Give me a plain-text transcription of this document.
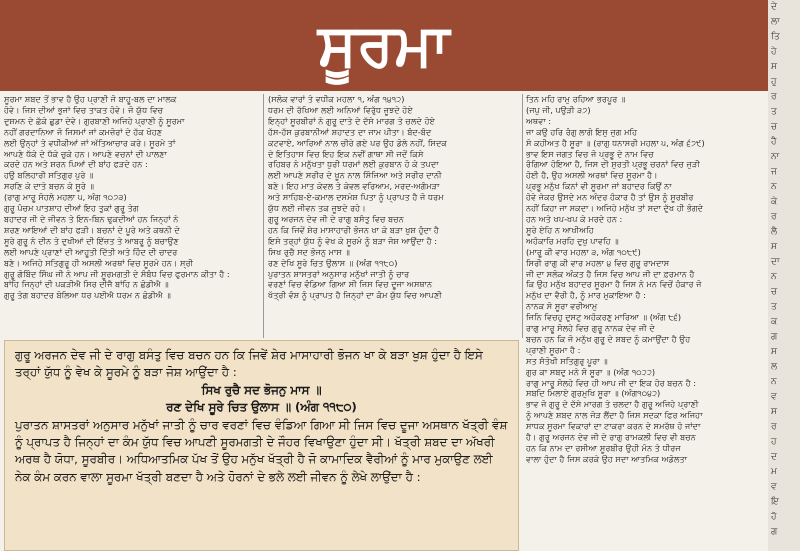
ਸੂਰਮਾ

ਸੂਰਮਾ ਸ਼ਬਦ ਤੋਂ ਭਾਵ ਹੈ ਉਹ ਪ੍ਰਾਣੀ ਜੋ ਬਾਹੂ-ਬਲ ਦਾ ਮਾਲਕ

ਹੋਵੇ। ਜਿਸ ਦੀਆਂ ਭੁਜਾਂ ਵਿਚ ਤਾਕਤ ਹੋਵੇ। ਜੋ ਯੁੱਧ ਵਿਚ

ਦੁਸ਼ਮਨ ਦੇ ਛੱਕੇ ਛੁਡਾ ਦੇਵੇ। ਗੁਰਬਾਣੀ ਅਜਿਹੇ ਪ੍ਰਾਣੀ ਨੂੰ ਸੂਰਮਾ

ਨਹੀਂ ਗਰਦਾਨਿਆ ਜੋ ਜਿਸਮਾਂ ਜਾਂ ਕਮਜ਼ੋਰਾਂ ਦੇ ਹੱਕ ਖੋਹਣ

ਲਈ ਉਨ੍ਹਾਂ ਤੇ ਵਧੀਕੀਆਂ ਜਾਂ ਅੱਤਿਆਚਾਰ ਕਰੇ। ਸੂਰਮੇ ਤਾਂ

ਆਪਣੇ ਧੱਕੇ ਦੇ ਧੱਕੇ ਚੁਕੇ ਹਨ। ਆਪਣੇ ਵਚਨਾਂ ਦੀ ਪਾਲਣਾ

ਕਰਦੇ ਹਨ ਅਤੇ ਸ਼ਰਨ ਪਿਆਂ ਦੀ ਬਾਂਹ ਫੜਦੇ ਹਨ :

ਹਉ ਬਲਿਹਾਰੀ ਸਤਿਗੁਰ ਪੁਰੇ ॥

ਸਰਣਿ ਕੇ ਦਾਤੇ ਬਚਨ ਕੇ ਸੂਰੇ ॥

(ਰਾਗੁ ਮਾਰੂ ਸੋਹਲੇ ਮਹਲਾ ੫, ਅੰਗ ੧੦੭੩)

ਗੁਰੂ ਪੰਚਮ ਪਾਤਸ਼ਾਹ ਦੀਆਂ ਇਹ ਤੁਕਾਂ ਗੁਰੂ ਤੇਗ

ਬਹਾਦਰ ਜੀ ਦੇ ਜੀਵਨ ਤੇ ਇਨ-ਬਿਨ ਢੁਕਦੀਆਂ ਹਨ ਜਿਨ੍ਹਾਂ ਨੇ

ਸ਼ਰਣ ਆਇਆਂ ਦੀ ਬਾਂਹ ਫੜੀ। ਬਚਨਾਂ ਦੇ ਪੂਰੇ ਅਤੇ ਕਥਨੀ ਦੇ

ਸੂਰੇ ਗੁਰੂ ਨੇ ਦੀਨ ਤੇ ਦੁਖੀਆਂ ਦੀ ਇੱਜ਼ਤ ਤੇ ਆਬਰੂ ਨੂੰ ਬਚਾਉਣ

ਲਈ ਆਪਣੇ ਪ੍ਰਾਣਾਂ ਦੀ ਆਹੂਤੀ ਦਿੱਤੀ ਅਤੇ ਹਿੰਦ ਦੀ ਚਾਦਰ

ਬਣੇ। ਅਜਿਹੇ ਸਤਿਗੁਰੂ ਹੀ ਅਸਲੀ ਅਰਥਾਂ ਵਿਚ ਸੂਰਮੇ ਹਨ। ਸ੍ਰੀ

ਗੁਰੂ ਗੋਬਿੰਦ ਸਿੰਘ ਜੀ ਨੇ ਆਪ ਜੀ ਸੂਰਮਗਤੀ ਦੇ ਸੰਬੰਧ ਵਿਚ ਫੁਰਮਾਨ ਕੀਤਾ ਹੈ :

ਬਾਂਹਿ ਜਿਨ੍ਹਾਂ ਦੀ ਪਕੜੀਐ ਸਿਰ ਦੀਜੈ ਬਾਂਹਿ ਨ ਛੋਡੀਐ ॥

ਗੁਰੂ ਤੇਗ ਬਹਾਦਰ ਬੋਲਿਆ ਧਰ ਪਈਐ ਧਰਮ ਨ ਛੋਡੀਐ ॥

(ਸਲੋਕ ਵਾਰਾਂ ਤੇ ਵਧੀਕ ਮਹਲਾ ੧, ਅੰਗ ੧੪੧੨)

ਧਰਮ ਦੀ ਰੱਖਿਆ ਲਈ ਅਨਿਆਂ ਵਿਰੁੱਧ ਜੂਝਦੇ ਹੋਏ

ਇਨ੍ਹਾਂ ਸੂਰਬੀਰਾਂ ਨੇ ਗੁਰੂ ਦਾਤੇ ਦੇ ਦੱਸੇ ਮਾਰਗ ਤੇ ਚਲਦੇ ਹੋਏ

ਹੱਸ-ਹੱਸ ਕੁਰਬਾਨੀਆਂ ਸ਼ਹਾਦਤ ਦਾ ਜਾਮ ਪੀਤਾ। ਬੰਦ-ਬੰਦ

ਕਟਵਾਏ, ਆਰਿਆਂ ਨਾਲ ਚੀਰੇ ਗਏ ਪਰ ਉਹ ਡੋਲੇ ਨਹੀਂ, ਸਿਦਕ

ਦੇ ਇਤਿਹਾਸ ਵਿਚ ਇਹ ਇਕ ਨਵੀਂ ਗਾਥਾ ਸੀ ਜਦੋਂ ਕਿਸੇ

ਰਹਿਬਰ ਨੇ ਮਨੁੱਖਤਾ ਧੁਰੀ ਧਰਮਾਂ ਲਈ ਕੁਰਬਾਨ ਹੋ ਕੇ ਤਪਦਾ

ਲਈ ਆਪਣੇ ਸਰੀਰ ਦੇ ਖੂਨ ਨਾਲ ਸਿੰਜਿਆ ਅਤੇ ਸਰੀਰ ਦਾਨੀ

ਬਣੇ। ਇਹ ਮਾਤ ਕੇਵਲ ਤੇ ਕੇਵਲ ਵਰਿਆਮ, ਮਰਦ-ਅਗੰਮੜਾ

ਅਤੇ ਸਾਹਿਬ-ਏ-ਕਮਾਲ ਦਸਮੇਸ਼ ਪਿਤਾ ਨੂੰ ਪ੍ਰਾਪਤ ਹੈ ਜੋ ਧਰਮ

ਯੁੱਧ ਲਈ ਜੀਵਨ ਤਕ ਜੂਝਦੇ ਰਹੇ।

ਗੁਰੂ ਅਰਜਨ ਦੇਵ ਜੀ ਦੇ ਰਾਗੁ ਬਸੰਤੁ ਵਿਚ ਬਚਨ

ਹਨ ਕਿ ਜਿਵੇਂ ਸ਼ੇਰ ਮਾਸਾਹਾਰੀ ਭੋਜਨ ਖਾ ਕੇ ਬੜਾ ਖੁਸ਼ ਹੁੰਦਾ ਹੈ

ਇਸੇ ਤਰ੍ਹਾਂ ਯੁੱਧ ਨੂੰ ਵੇਖ ਕੇ ਸੂਰਮੇ ਨੂੰ ਬੜਾ ਜੋਸ਼ ਆਉਂਦਾ ਹੈ :

ਸਿਖ ਰੁਚੈ ਸਦ ਭੋਜਨੁ ਮਾਸ ॥

ਰਣ ਦੇਖਿ ਸੂਰੇ ਚਿਤ ਉਲਾਸ ॥ (ਅੰਗ ੧੧੮੦)

ਪੁਰਾਤਨ ਸ਼ਾਸਤਰਾਂ ਅਨੁਸਾਰ ਮਨੁੱਖਾਂ ਜਾਤੀ ਨੂੰ ਚਾਰ

ਵਰਣਾਂ ਵਿਚ ਵੰਡਿਆ ਗਿਆ ਸੀ ਜਿਸ ਵਿਚ ਦੂਜਾ ਅਸਥਾਨ

ਖੱਤ੍ਰੀ ਵੰਸ਼ ਨੂੰ ਪ੍ਰਾਪਤ ਹੈ ਜਿਨ੍ਹਾਂ ਦਾ ਕੰਮ ਯੁੱਧ ਵਿਚ ਆਪਣੀ

ਤਿਨ ਮਹਿ ਰਾਮੁ ਰਹਿਆ ਭਰਪੂਰ ॥

(ਜਪੁ ਜੀ, ਪਉੜੀ ੩੭)

ਅਥਵਾ :

ਜਾ ਕਉ ਹਰਿ ਰੰਗੁ ਲਾਗੋ ਇਸੁ ਜੁਗ ਮਹਿ

ਸੋ ਕਹੀਅਤ ਹੈ ਸੂਰਾ ॥ (ਰਾਗੁ ਧਨਾਸਰੀ ਮਹਲਾ ੫, ਅੰਗ ੬੭੯)

ਭਾਵ ਇਸ ਜਗਤ ਵਿਚ ਜੋ ਪ੍ਰਭੂ ਦੇ ਨਾਮ ਵਿਚ

ਰੰਗਿਆ ਹੋਇਆ ਹੈ, ਜਿਸ ਦੀ ਸੁਰਤੀ ਪ੍ਰਭੂ ਚਰਨਾਂ ਵਿਚ ਜੁੜੀ

ਹੋਈ ਹੈ, ਉਹ ਅਸਲੀ ਅਰਥਾਂ ਵਿਚ ਸੂਰਮਾ ਹੈ।

ਪ੍ਰਭੂ ਮਨੁੱਖ ਕਿਨਾਂ ਵੀ ਸੂਰਮਾ ਜਾਂ ਬਹਾਦਰ ਕਿਉਂ ਨਾ

ਹੋਵੇ ਜੇਕਰ ਉਸਦੇ ਮਨ ਅੰਦਰ ਹੰਕਾਰ ਹੈ ਤਾਂ ਉਸ ਨੂੰ ਸੂਰਬੀਰ

ਨਹੀਂ ਕਿਹਾ ਜਾ ਸਕਦਾ। ਅਜਿਹੇ ਮਨੁੱਖ ਤਾਂ ਸਦਾ ਦੁੱਖ ਹੀ ਭੋਗਦੇ

ਹਨ ਅਤੇ ਖਪ-ਖਪ ਕੇ ਮਰਦੇ ਹਨ :

ਸੂਰੇ ਏਹਿ ਨ ਆਖੀਅਹਿ

ਅਹੰਕਾਰਿ ਮਰਹਿ ਦੁਖੁ ਪਾਵਹਿ ॥

(ਮਾਰੂ ਕੀ ਵਾਰ ਮਹਲਾ ੩, ਅੰਗ ੧੦੮੯)

ਸਿਰੀ ਰਾਗੁ ਕੀ ਵਾਰ ਮਹਲਾ ੪ ਵਿਚ ਗੁਰੂ ਰਾਮਦਾਸ

ਜੀ ਦਾ ਸਲੋਕ ਅੰਕਤ ਹੈ ਜਿਸ ਵਿਚ ਆਪ ਜੀ ਦਾ ਫ਼ਰਮਾਨ ਹੈ

ਕਿ ਉਹ ਮਨੁੱਖ ਬਹਾਦਰ ਸੂਰਮਾ ਹੈ ਜਿਸ ਨੇ ਮਨ ਵਿਚੋਂ ਹੰਕਾਰ ਜੋ

ਮਨੁੱਖ ਦਾ ਵੈਰੀ ਹੈ, ਨੂੰ ਮਾਰ ਮੁਕਾਇਆ ਹੈ :

ਨਾਨਕ ਸੋ ਸੂਰਾ ਵਰੀਆਮੁ

ਜਿਨਿ ਵਿਚਹੁ ਦੁਸਟੁ ਅਹੰਕਰਣੁ ਮਾਰਿਆ ॥ (ਅੰਗ ੮੬)

ਰਾਗੁ ਮਾਰੂ ਸੋਲਹੇ ਵਿਚ ਗੁਰੂ ਨਾਨਕ ਦੇਵ ਜੀ ਦੇ

ਬਚਨ ਹਨ ਕਿ ਜੋ ਮਨੁੱਖ ਗੁਰੂ ਦੇ ਸ਼ਬਦ ਨੂੰ ਕਮਾਉਂਦਾ ਹੈ ਉਹ

ਪ੍ਰਾਣੀ ਸੂਰਮਾ ਹੈ :

ਸਤ ਸੰਤੋਖੀ ਸਤਿਗੁਰੁ ਪੂਰਾ ॥

ਗੁਰ ਕਾ ਸਬਦੁ ਮਨੇ ਸੋ ਸੂਰਾ ॥ (ਅੰਗ ੧੦੨੨)

ਰਾਗੁ ਮਾਰੂ ਸੋਲਹੇ ਵਿਚ ਹੀ ਆਪ ਜੀ ਦਾ ਇਕ ਹੋਰ ਬਚਨ ਹੈ :

ਸਬਦਿ ਮਿਲਾਏ ਗੁਰਮੁਖਿ ਸੂਰਾ ॥ (ਅੰਗ੧੦੪੨)

ਭਾਵ ਜੋ ਗੁਰੂ ਦੇ ਦੱਸੇ ਮਾਰਗ ਤੇ ਚਲਦਾ ਹੈ ਗੁਰੂ ਅਜਿਹੇ ਪ੍ਰਾਣੀ

ਨੂੰ ਆਪਣੇ ਸ਼ਬਦ ਨਾਲ ਜੋੜ ਲੈਂਦਾ ਹੈ ਜਿਸ ਸਦਕਾ ਫਿਰ ਅਜਿਹਾ

ਸਾਧਕ ਸੂਰਮਾ ਵਿਕਾਰਾਂ ਦਾ ਟਾਕਰਾ ਕਰਨ ਦੇ ਸਮਰੱਥ ਹੋ ਜਾਂਦਾ

ਹੈ। ਗੁਰੂ ਅਰਜਨ ਦੇਵ ਜੀ ਦੇ ਰਾਗੁ ਰਾਮਕਲੀ ਵਿਚ ਵੀ ਬਚਨ

ਹਨ ਕਿ ਨਾਮ ਦਾ ਰਸੀਆ ਸੂਰਬੀਰ ਉਹੀ ਮੰਨ ਤੇ ਧੀਰਜ

ਵਾਲਾ ਹੁੰਦਾ ਹੈ ਜਿਸ ਕਰਕੇ ਉਹ ਸਦਾ ਆਤਮਿਕ ਅਡੋਲਤਾ

ਗੁਰੂ ਅਰਜਨ ਦੇਵ ਜੀ ਦੇ ਰਾਗੁ ਬਸੰਤੁ ਵਿਚ ਬਚਨ ਹਨ ਕਿ ਜਿਵੇਂ ਸ਼ੇਰ ਮਾਸਾਹਾਰੀ ਭੋਜਨ ਖਾ ਕੇ ਬੜਾ ਖੁਸ਼ ਹੁੰਦਾ ਹੈ ਇਸੇ ਤਰ੍ਹਾਂ ਯੁੱਧ ਨੂੰ ਵੇਖ ਕੇ ਸੂਰਮੇ ਨੂੰ ਬੜਾ ਜੋਸ਼ ਆਉਂਦਾ ਹੈ :

ਸਿਖ ਰੁਚੈ ਸਦ ਭੋਜਨੁ ਮਾਸ ॥

ਰਣ ਦੇਖਿ ਸੂਰੇ ਚਿਤ ਉਲਾਸ ॥ (ਅੰਗ ੧੧੮੦)

ਪੁਰਾਤਨ ਸ਼ਾਸਤਰਾਂ ਅਨੁਸਾਰ ਮਨੁੱਖਾਂ ਜਾਤੀ ਨੂੰ ਚਾਰ ਵਰਣਾਂ ਵਿਚ ਵੰਡਿਆ ਗਿਆ ਸੀ ਜਿਸ ਵਿਚ ਦੂਜਾ ਅਸਥਾਨ ਖੱਤ੍ਰੀ ਵੰਸ਼ ਨੂੰ ਪ੍ਰਾਪਤ ਹੈ ਜਿਨ੍ਹਾਂ ਦਾ ਕੰਮ ਯੁੱਧ ਵਿਚ ਆਪਣੀ ਸੂਰਮਗਤੀ ਦੇ ਜੌਹਰ ਵਿਖਾਉਣਾ ਹੁੰਦਾ ਸੀ। ਖੱਤ੍ਰੀ ਸ਼ਬਦ ਦਾ ਅੱਖਰੀ ਅਰਥ ਹੈ ਯੋਧਾ, ਸੂਰਬੀਰ। ਅਧਿਆਤਮਿਕ ਪੱਖ ਤੋਂ ਉਹ ਮਨੁੱਖ ਖੱਤ੍ਰੀ ਹੈ ਜੋ ਕਾਮਾਦਿਕ ਵੈਰੀਆਂ ਨੂੰ ਮਾਰ ਮੁਕਾਉਣ ਲਈ ਨੇਕ ਕੰਮ ਕਰਨ ਵਾਲਾ ਸੂਰਮਾ ਖੱਤ੍ਰੀ ਬਣਦਾ ਹੈ ਅਤੇ ਹੋਰਨਾਂ ਦੇ ਭਲੇ ਲਈ ਜੀਵਨ ਨੂੰ ਲੇਖੇ ਲਾਉਂਦਾ ਹੈ :

ਦੇ
ਲਾ
ਤਿ
ਹੇ
ਸ
ਹੁ
ਰ
ਤ
ਚ
ਹੈ
ਨਾ
ਜ
ਨ
ਕੇ
ਰ
ਲੈ
ਸ
ਦਾ
ਨ
ਚ
ਤ
ਕ
ਗ
ਸ
ਲ
ਨ
ਵ
ਸ
ਰ
ਹ
ਦ
ਮ
ਵ
ਇ
ਹੋ
ਗ
